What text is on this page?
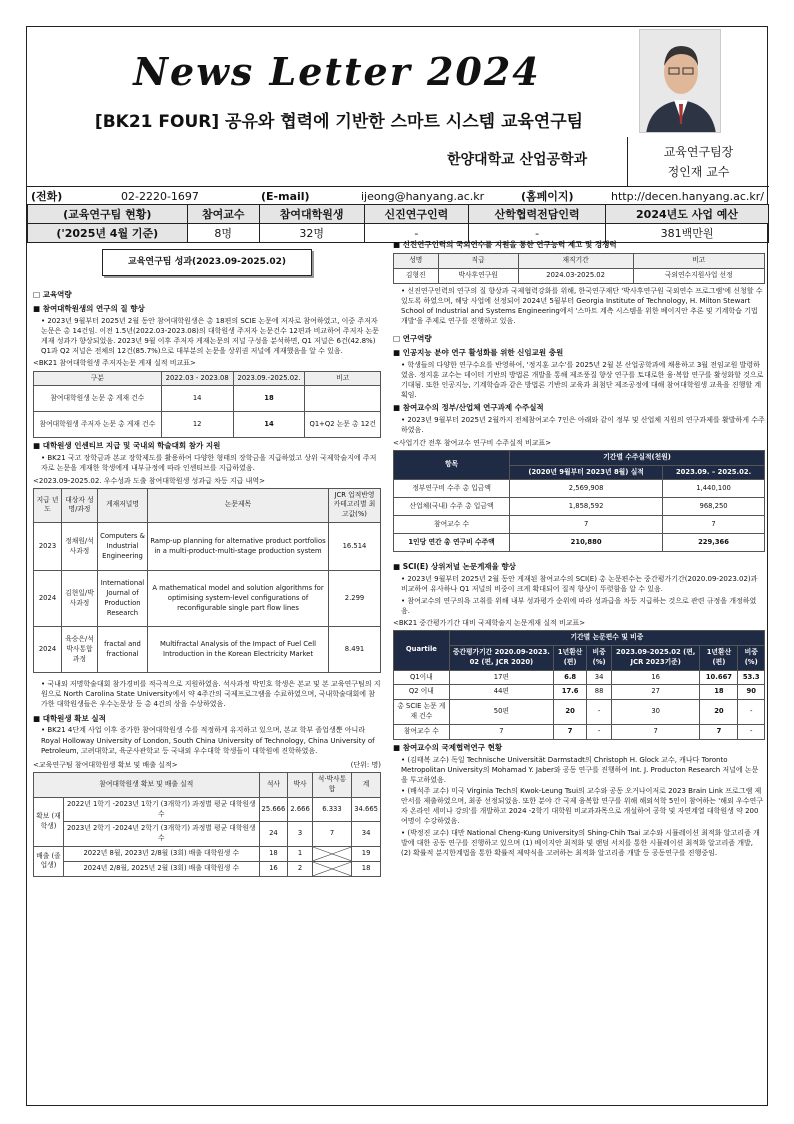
News Letter 2024
[BK21 FOUR] 공유와 협력에 기반한 스마트 시스템 교육연구팀
한양대학교 산업공학과	교육연구팀장
정인재 교수
(전화)	02-2220-1697	(E-mail)	ijeong@hanyang.ac.kr	(홈페이지)	http://decen.hanyang.ac.kr/
(교육연구팀 현황)	참여교수	참여대학원생	신진연구인력	산학협력전담인력	2024년도 사업 예산
('2025년 4월 기준)	8명	32명	-	-	381백만원
교육연구팀 성과(2023.09-2025.02)
□ 교육역량
■ 참여대학원생의 연구의 질 향상

• 2023년 9월부터 2025년 2월 동안 참여대학원생은 총 18편의 SCIE 논문에 저자로 참여하였고, 이중 주저자 논문은 총 14건임. 이전 1.5년(2022.03-2023.08)의 대학원생 주저자 논문건수 12편과 비교하여 주저자 논문 게재 성과가 향상되었음. 2023년 9월 이후 주저자 게재논문의 저널 구성을 분석하면, Q1 저널은 6건(42.8%) Q1과 Q2 저널은 전체의 12건(85.7%)으로 대부분의 논문을 상위권 저널에 게재했음을 알 수 있음.

<BK21 참여대학원생 주저자논문 게재 실적 비교표>

구분	2022.03 - 2023.08	2023.09.-2025.02.	비고
참여대학원생 논문 총 게재 건수	14	18	
참여대학원생 주저자 논문 총 게재 건수	12	14	Q1+Q2 논문 총 12건
■ 대학원생 인센티브 지급 및 국내외 학술대회 참가 지원

• BK21 국고 장학금과 본교 장학제도를 활용하여 다양한 형태의 장학금을 지급하였고 상위 국제학술지에 주저자로 논문을 게재한 학생에게 내부규정에 따라 인센티브를 지급하였음.

<2023.09-2025.02. 우수성과 도출 참여대학원생 성과급 차등 지급 내역>

지급 년도	대상자 성명/과정	게재저널명	논문제목	JCR 업적반영 카테고리별 최고값(%)
2023	정채원/석사과정	Computers & Industrial Engineering	Ramp-up planning for alternative product portfolios in a multi-product-multi-stage production system	16.514
2024	김현일/박사과정	International Journal of Production Research	A mathematical model and solution algorithms for optimising system-level configurations of reconfigurable single part flow lines	2.299
2024	육승은/석박사통합과정	fractal and fractional	Multifractal Analysis of the Impact of Fuel Cell Introduction in the Korean Electricity Market	8.491

• 국내외 저명학술대회 참가경비를 적극적으로 지원하였음. 석사과정 박민호 학생은 본교 및 본 교육연구팀의 지원으로 North Carolina State University에서 약 4주간의 국제프로그램을 수료하였으며, 국내학술대회에 참가한 대학원생들은 우수논문상 등 총 4건의 상을 수상하였음.

■ 대학원생 확보 실적

• BK21 4단계 사업 이후 증가한 참여대학원생 수를 적정하게 유지하고 있으며, 본교 학부 졸업생뿐 아니라 Royal Holloway University of London, South China University of Technology, China University of Petroleum, 고려대학교, 육군사관학교 등 국내외 우수대학 학생들이 대학원에 진학하였음.

<교육연구팀 참여대학원생 확보 및 배출 실적>	(단위: 명)
참여대학원생 확보 및 배출 실적		석사	박사	석·박사통합	계
확보 (재학생)	2022년 1학기 -2023년 1학기 (3개학기) 과정별 평균 대학원생 수	25.666	2.666	6.333	34.665
	2023년 2학기 -2024년 2학기 (3개학기) 과정별 평균 대학원생 수	24	3	7	34
배출 (졸업생)	2022년 8월, 2023년 2/8월 (3회) 배출 대학원생 수	18	1		19
	2024년 2/8월, 2025년 2월 (3회) 배출 대학원생 수	16	2		18
■ 신진연구인력의 국외연수를 지원을 통한 연구능력 제고 및 경쟁력
성명	직급	재직기간	비고
김형진	박사후연구원	2024.03-2025.02	국외연수지원사업 선정

• 신진연구인력의 연구의 질 향상과 국제협력강화를 위해, 한국연구재단 '박사후연구원 국외연수 프로그램'에 신청할 수 있도록 하였으며, 해당 사업에 선정되어 2024년 5월부터 Georgia Institute of Technology, H. Milton Stewart School of Industrial and Systems Engineering에서 '스마트 계측 시스템을 위한 베이지안 추론 및 기계학습 기법 개발'을 주제로 연구를 진행하고 있음.

□ 연구역량
■ 인공지능 분야 연구 활성화를 위한 신임교원 충원

• 학생들의 다양한 연구수요를 반영하여, '정지훈 교수'를 2025년 2월 본 산업공학과에 채용하고 3월 전임교원 발령하였음. 정지훈 교수는 데이터 기반의 방법론 개발을 통해 제조풍질 향상 연구를 토대로한 융·복합 연구를 활성화할 것으로 기대됨. 또한 인공지능, 기계학습과 같은 방법론 기반의 교육과 최첨단 제조공정에 대해 참여대학원생 교육을 진행할 계획임.

■ 참여교수의 정부/산업체 연구과제 수주실적

• 2023년 9월부터 2025년 2월까지 전체참여교수 7인은 아래와 같이 정부 및 산업체 지원의 연구과제를 활발하게 수주하였음.

<사업기간 전후 참여교수 연구비 수주실적 비교표>

항목	기간별 수주실적(천원)	
	(2020년 9월부터 2023년 8월) 실적	2023.09. – 2025.02.
정부연구비 수주 총 입금액	2,569,908	1,440,100
산업체(국내) 수주 총 입금액	1,858,592	968,250
참여교수 수	7	7
1인당 연간 총 연구비 수주액	210,880	229,366
■ SCI(E) 상위저널 논문게재율 향상

• 2023년 9월부터 2025년 2월 동안 게재된 참여교수의 SCI(E) 총 논문편수는 중간평가기간(2020.09-2023.02)과 비교하여 유사하나 Q1 저널의 비중이 크게 확대되어 질적 향상이 뚜렷함을 알 수 있음.

• 참여교수의 연구의욕 고취를 위해 내부 성과평가 순위에 따라 성과급을 차등 지급하는 것으로 관련 규정을 개정하였음.

<BK21 중간평가기간 대비 국제학술지 논문게재 실적 비교표>

Quartile	기간별 논문편수 및 비중					
	중간평가기간 2020.09-2023. 02 (편, JCR 2020)	1년환산 (편)	비중(%)	2023.09-2025.02 (편, JCR 2023기준)	1년환산 (편)	비중(%)
Q1이내	17편	6.8	34	16	10.667	53.3
Q2 이내	44편	17.6	88	27	18	90
총 SCIE 논문 게재 건수	50편	20	-	30	20	-
참여교수 수	7	7	-	7	7	-
■ 참여교수의 국제협력연구 현황

• (김태복 교수) 독일 Technische Universität Darmstadt의 Christoph H. Glock 교수, 캐나다 Toronto Metropolitan University의 Mohamad Y. Jaber와 공동 연구를 진행하여 Int. J. Producton Research 저널에 논문을 투고하였음.

• (배석주 교수) 미국 Virginia Tech의 Kwok-Leung Tsui의 교수와 공동 오거나이저로 2023 Brain Link 프로그램 제안서를 제출하였으며, 최종 선정되었음. 또한 분야 간 국제 융복합 연구를 위해 해외석학 5인이 참여하는 '해외 우수연구자 온라인 세미나 강의'를 개발하고 2024 -2학기 대학원 비교과과목으로 개설하여 공학 및 자연계열 대학원생 약 200여명이 수강하였음.

• (박정진 교수) 대만 National Cheng-Kung University의 Shing-Chih Tsai 교수와 시뮬레이션 최적화 알고리즘 개발에 대한 공동 연구를 진행하고 있으며 (1) 베이지안 최적화 및 랜덤 서치를 통한 시뮬레이션 최적화 알고리즘 개발, (2) 확률적 분지한계법을 통한 확률적 제약식을 고려하는 최적화 알고리즘 개발 등 공동연구를 진행중임.
